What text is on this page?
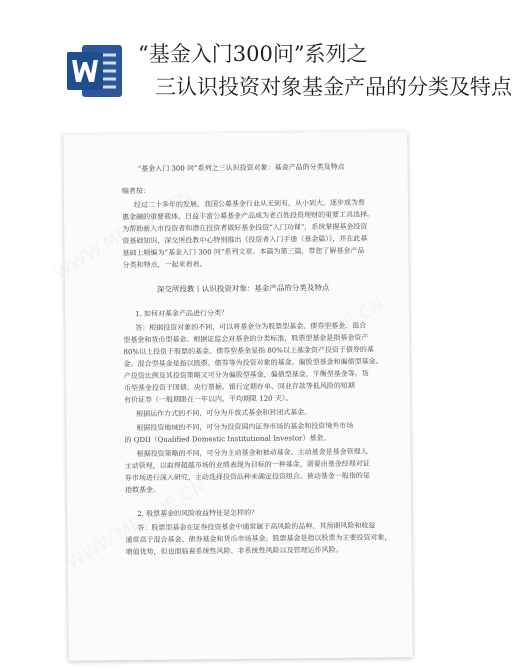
“基金入门300问”系列之
三认识投资对象基金产品的分类及特点
“基金入门 300 问”系列之三认识投资对象：基金产品的分类及特点
编者按：
经过二十多年的发展，我国公募基金行业从无到有，从小到大，逐步成为普
惠金融的重要载体，日益丰富公募基金产品成为老百姓投资理财的重要工具选择。
为帮助新入市投资者和潜在投资者做好基金投资“入门功课”，系统掌握基金投资
资基础知识，深交所投教中心特别推出《投资者入门手册（基金篇）》，并在此基
基础上精编为“基金入门 300 问”系列文章。本篇为第三篇，带您了解基金产品
分类和特点，一起来看看。
深交所投教丨认识投资对象：基金产品的分类及特点
1. 如何对基金产品进行分类？
答：根据投资对象的不同，可以将基金分为股票型基金、债券型基金、混合
型基金和货币型基金。根据证监会对基金的分类标准，股票型基金是指基金资产
80%以上投资于股票的基金。债券型基金是指 80%以上基金资产投资于债券的基
金。混合型基金是指以股票、债券等为投资对象的基金。偏股型基金和偏债型基金。
产投资比例及其投资策略又可分为偏股型基金，偏债型基金，平衡型基金等。货
币型基金投资于国债、央行票据、银行定期存单、同业存款等低风险的短期
有价证券（一般期限在一年以内，平均期限 120 天）。
根据运作方式的不同，可分为开放式基金和封闭式基金。
根据投资地域的不同，可分为投资国内证券市场的基金和投资境外市场
的 QDII（Qualified Domestic Institutional Investor）基金。
根据投资策略的不同，可分为主动基金和被动基金。主动基金是基金管理人
主动管理，以取得超越市场的业绩表现为目标的一种基金，需要由基金经理对证
券市场进行深入研究，主动选择投资品种来确定投资组合。被动基金一般指的是
指数基金。
2. 股票基金的风险收益特征是怎样的？
答：股票型基金在证券投资基金中通常属于高风险的品种，其预期风险和收益
通常高于混合基金、债券基金和货币市场基金。股票基金是指以股票为主要投资对象，
增值优势，但也面临着系统性风险、非系统性风险以及管理运作风险。
